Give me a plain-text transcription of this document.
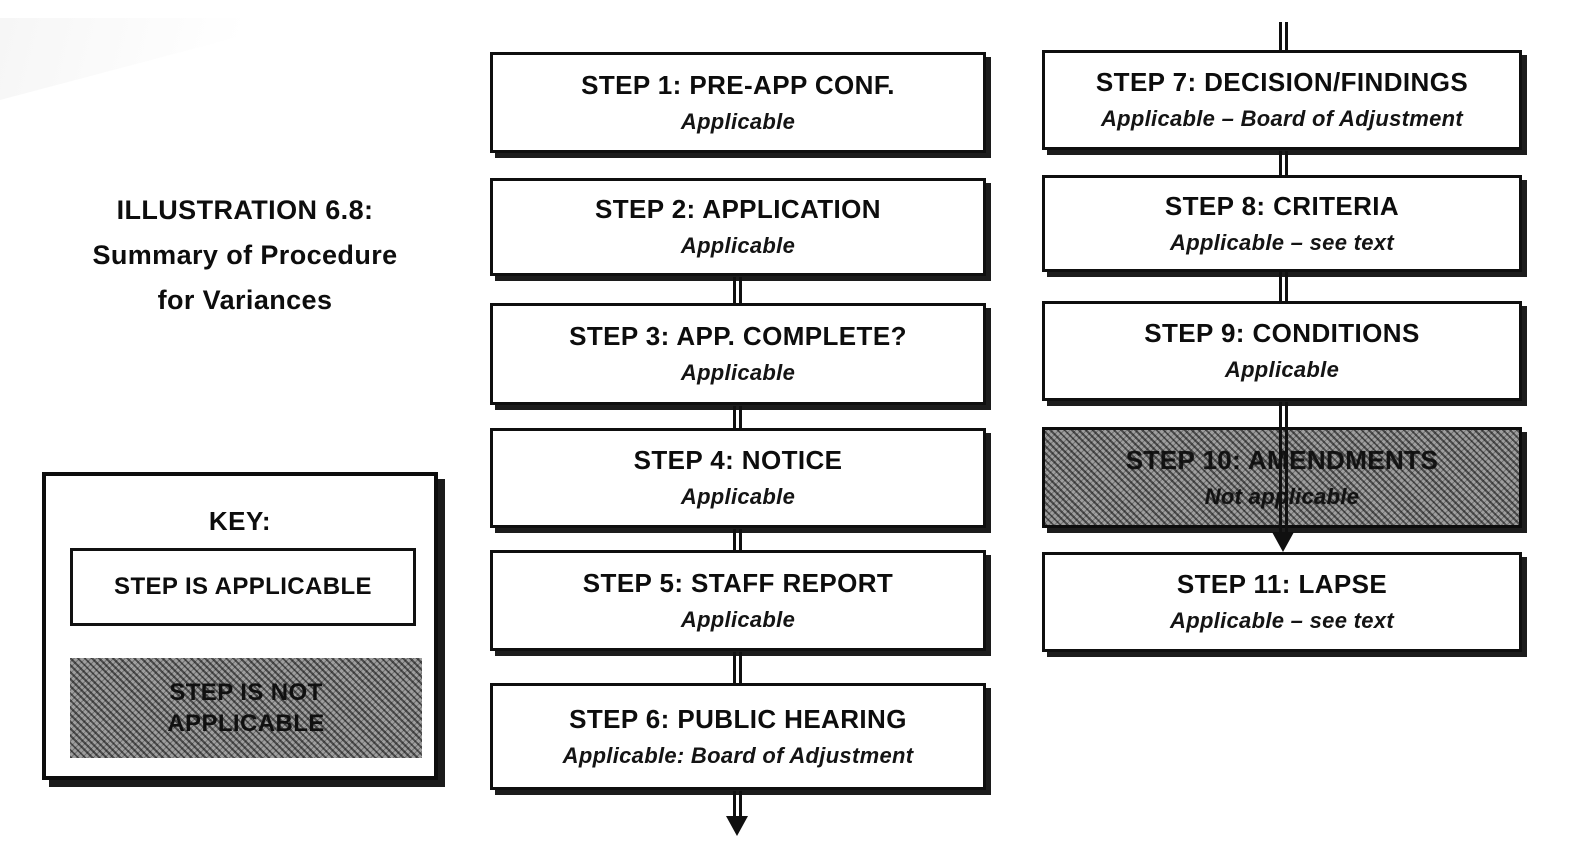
ILLUSTRATION 6.8:
Summary of Procedure
for Variances
KEY:
STEP IS APPLICABLE
STEP IS NOT
APPLICABLE
STEP 1: PRE-APP CONF.
Applicable
STEP 2: APPLICATION
Applicable
STEP 3: APP. COMPLETE?
Applicable
STEP 4: NOTICE
Applicable
STEP 5: STAFF REPORT
Applicable
STEP 6: PUBLIC HEARING
Applicable: Board of Adjustment
STEP 7: DECISION/FINDINGS
Applicable – Board of Adjustment
STEP 8: CRITERIA
Applicable – see text
STEP 9: CONDITIONS
Applicable
STEP 10: AMENDMENTS
Not applicable
STEP 11: LAPSE
Applicable – see text
